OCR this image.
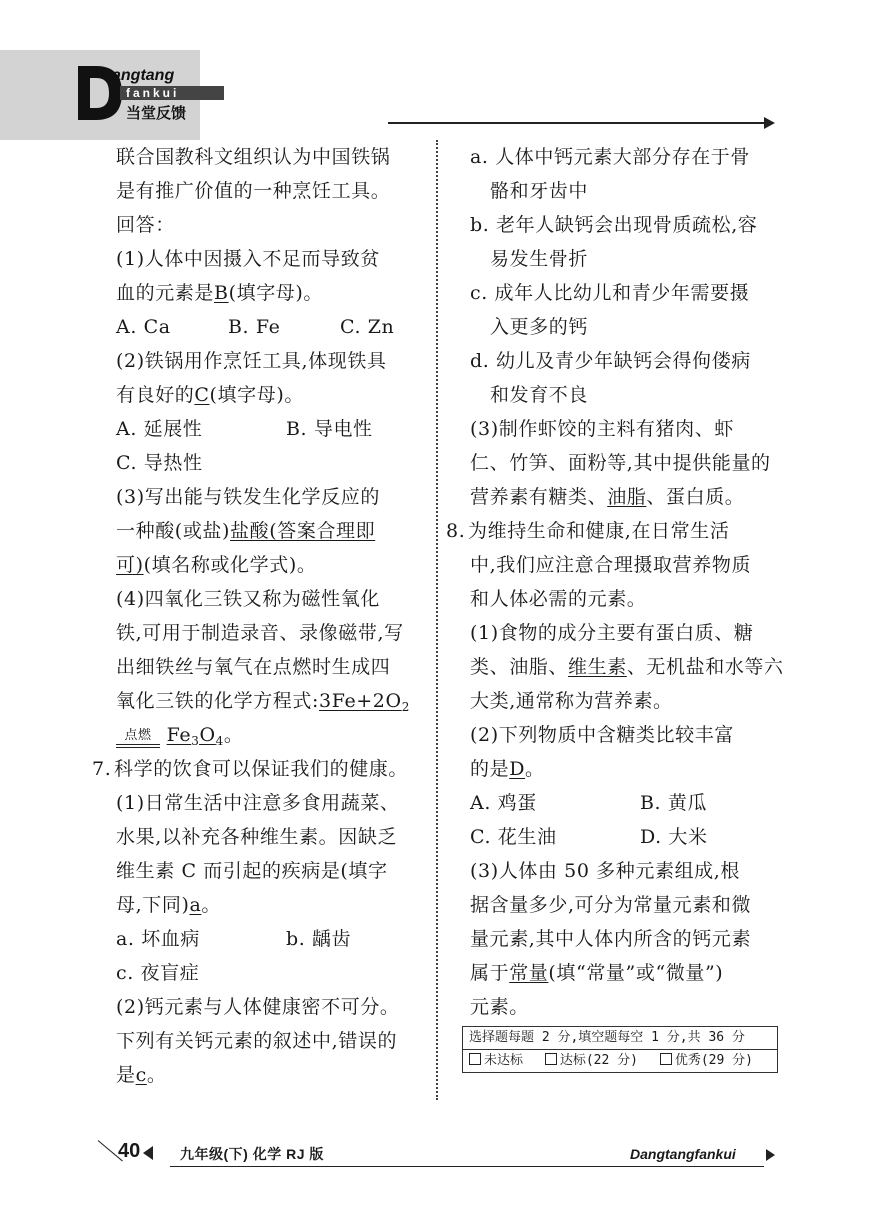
angtang
fankui
当堂反馈
联合国教科文组织认为中国铁锅
是有推广价值的一种烹饪工具。
回答：
(1)人体中因摄入不足而导致贫
血的元素是B(填字母)。
A. Ca	B. Fe	C. Zn
(2)铁锅用作烹饪工具,体现铁具
有良好的C(填字母)。
A. 延展性	B. 导电性
C. 导热性
(3)写出能与铁发生化学反应的
一种酸(或盐)盐酸(答案合理即
可)(填名称或化学式)。
(4)四氧化三铁又称为磁性氧化
铁,可用于制造录音、录像磁带,写
出细铁丝与氧气在点燃时生成四
氧化三铁的化学方程式$:3Fe+2O_2$
点燃 $Fe_3O_4$。
7. 科学的饮食可以保证我们的健康。
(1)日常生活中注意多食用蔬菜、
水果,以补充各种维生素。因缺乏
维生素 C 而引起的疾病是(填字
母,下同)a。
a. 坏血病	b. 龋齿
c. 夜盲症
(2)钙元素与人体健康密不可分。
下列有关钙元素的叙述中,错误的
是c。
a. 人体中钙元素大部分存在于骨
骼和牙齿中
b. 老年人缺钙会出现骨质疏松,容
易发生骨折
c. 成年人比幼儿和青少年需要摄
入更多的钙
d. 幼儿及青少年缺钙会得佝偻病
和发育不良
(3)制作虾饺的主料有猪肉、虾
仁、竹笋、面粉等,其中提供能量的
营养素有糖类、油脂、蛋白质。
8. 为维持生命和健康,在日常生活
中,我们应注意合理摄取营养物质
和人体必需的元素。
(1)食物的成分主要有蛋白质、糖
类、油脂、维生素、无机盐和水等六
大类,通常称为营养素。
(2)下列物质中含糖类比较丰富
的是D。
A. 鸡蛋	B. 黄瓜
C. 花生油	D. 大米
(3)人体由 50 多种元素组成,根
据含量多少,可分为常量元素和微
量元素,其中人体内所含的钙元素
属于常量(填“常量”或“微量”)
元素。
选择题每题 2 分,填空题每空 1 分,共 36 分
未达标	达标(22 分)	优秀(29 分)
40	九年级(下) 化学 RJ 版	Dangtangfankui
